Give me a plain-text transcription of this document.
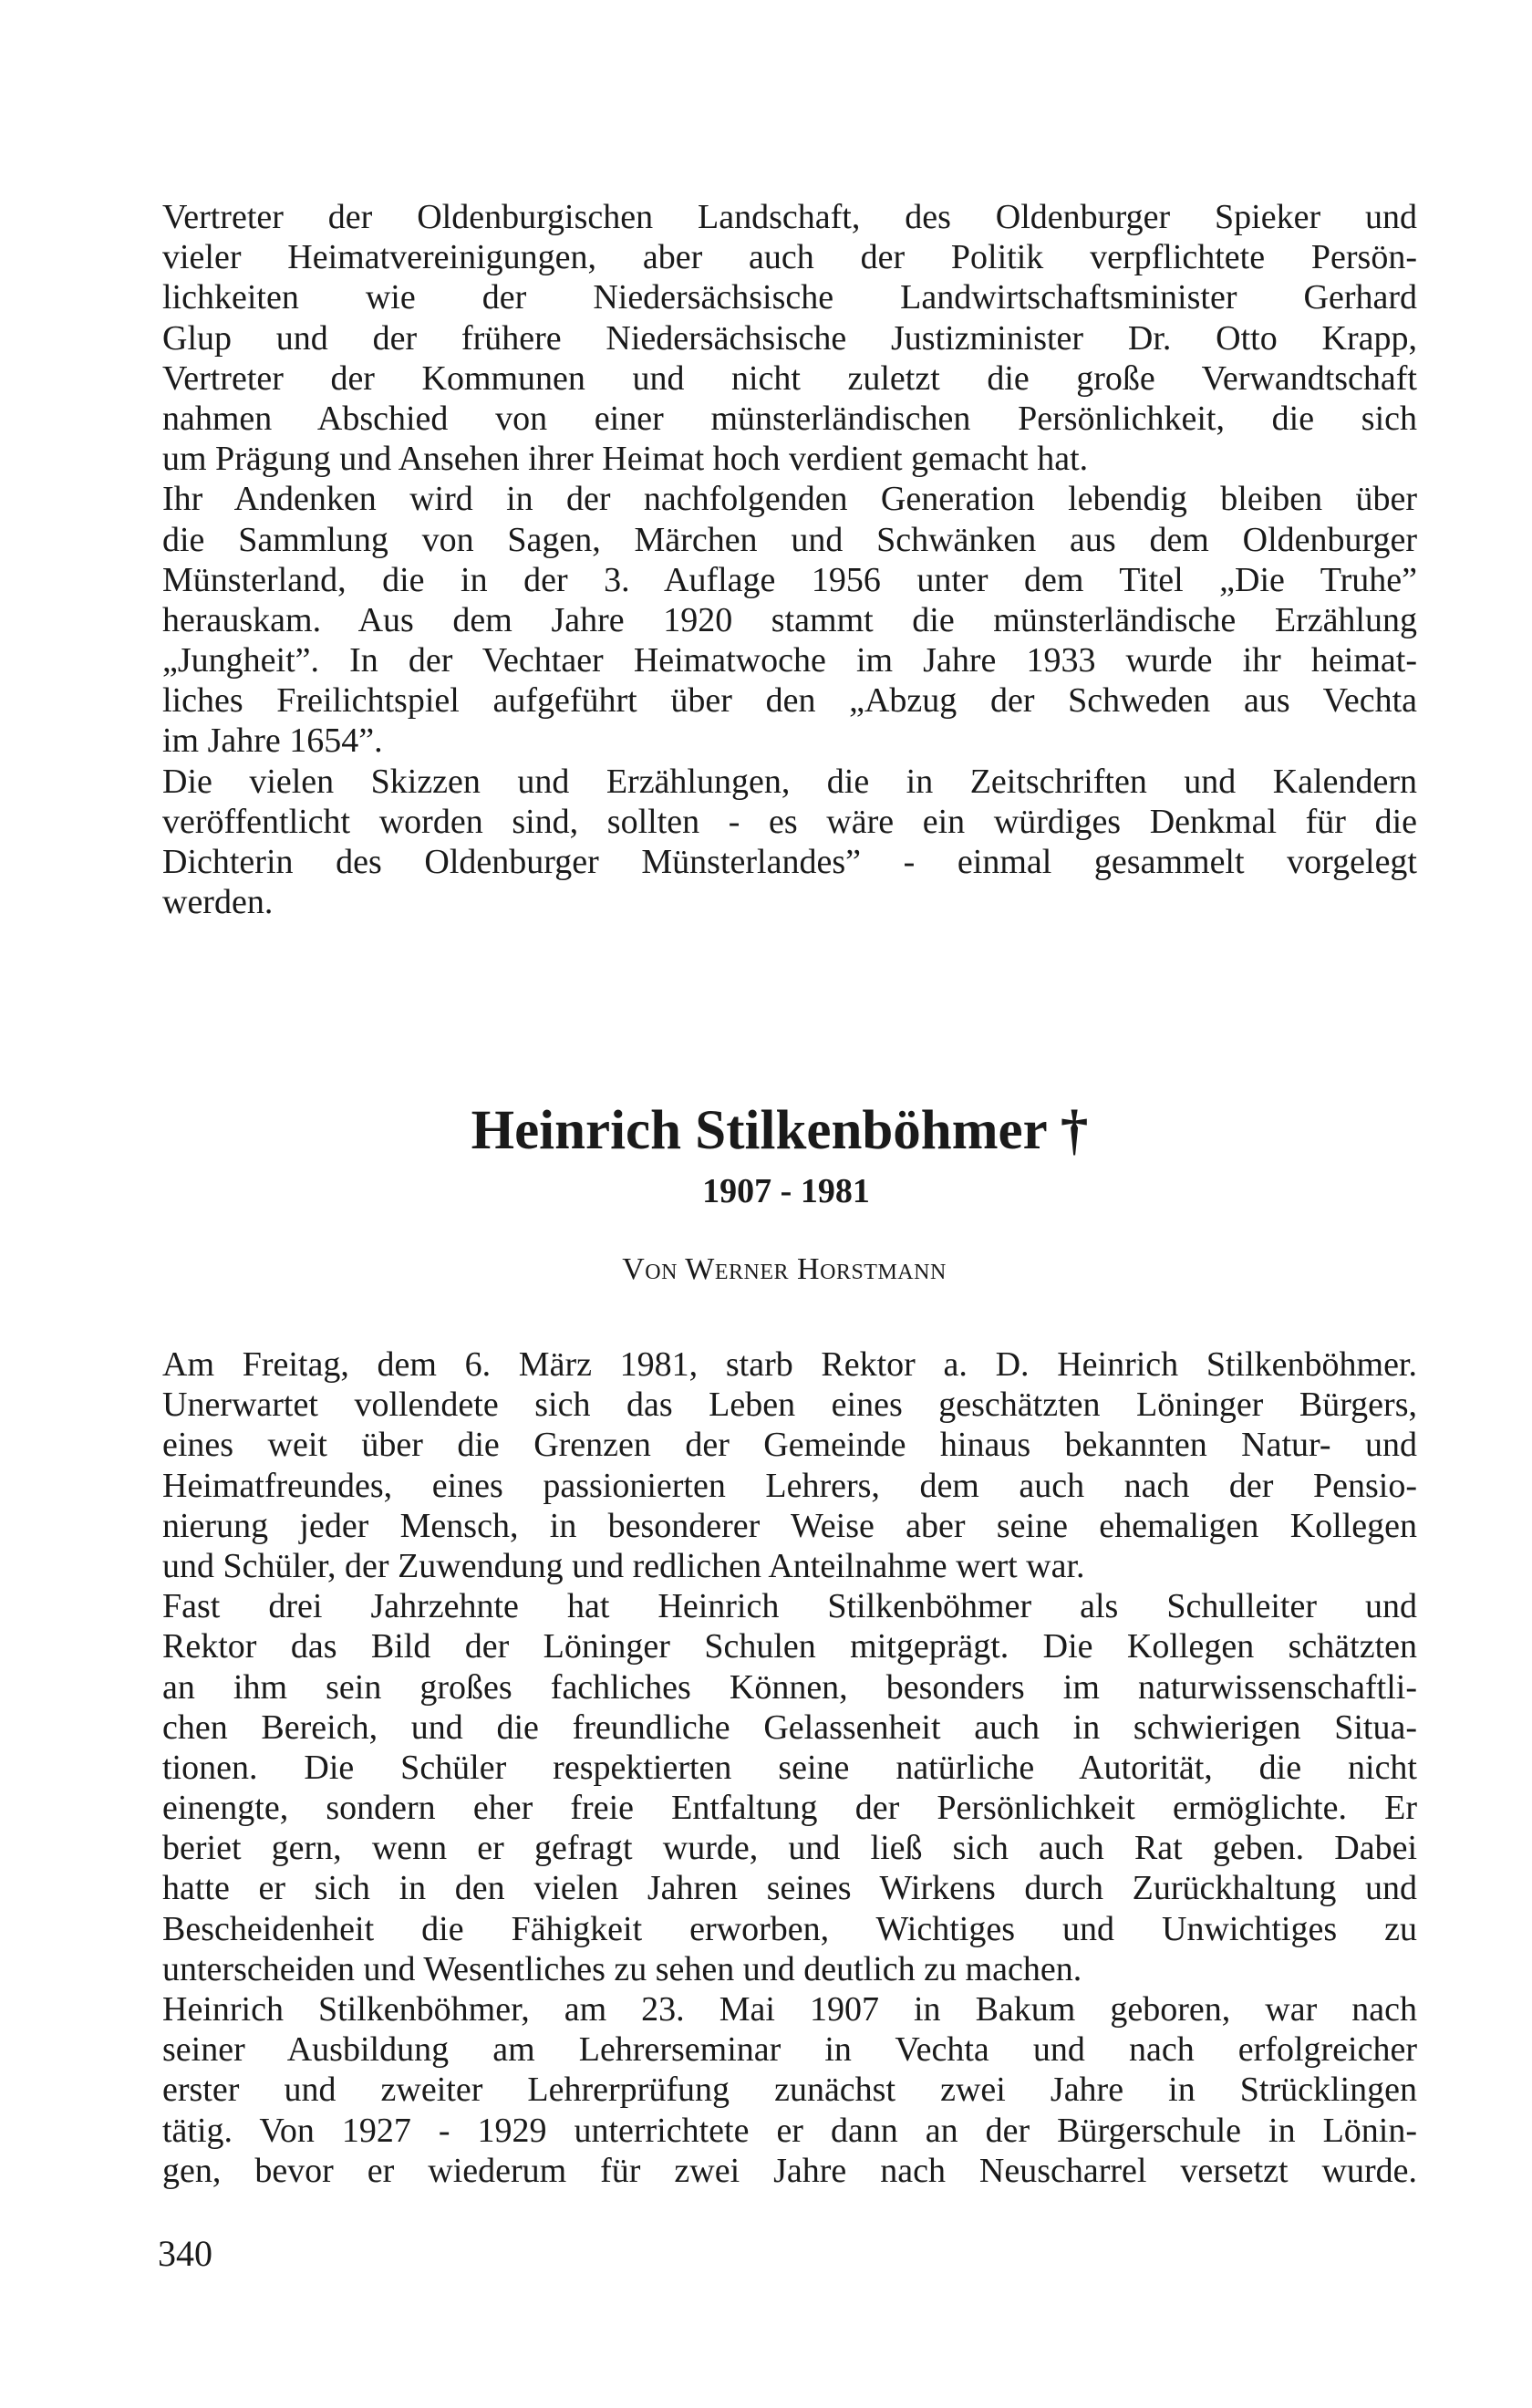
Vertreter der Oldenburgischen Landschaft, des Oldenburger Spieker und
vieler Heimatvereinigungen, aber auch der Politik verpflichtete Persön-
lichkeiten wie der Niedersächsische Landwirtschaftsminister Gerhard
Glup und der frühere Niedersächsische Justizminister Dr. Otto Krapp,
Vertreter der Kommunen und nicht zuletzt die große Verwandtschaft
nahmen Abschied von einer münsterländischen Persönlichkeit, die sich
um Prägung und Ansehen ihrer Heimat hoch verdient gemacht hat.
Ihr Andenken wird in der nachfolgenden Generation lebendig bleiben über
die Sammlung von Sagen, Märchen und Schwänken aus dem Oldenburger
Münsterland, die in der 3. Auflage 1956 unter dem Titel „Die Truhe”
herauskam. Aus dem Jahre 1920 stammt die münsterländische Erzählung
„Jungheit”. In der Vechtaer Heimatwoche im Jahre 1933 wurde ihr heimat-
liches Freilichtspiel aufgeführt über den „Abzug der Schweden aus Vechta
im Jahre 1654”.
Die vielen Skizzen und Erzählungen, die in Zeitschriften und Kalendern
veröffentlicht worden sind, sollten - es wäre ein würdiges Denkmal für die
Dichterin des Oldenburger Münsterlandes” - einmal gesammelt vorgelegt
werden.
Heinrich Stilkenböhmer †
1907 - 1981
Von Werner Horstmann
Am Freitag, dem 6. März 1981, starb Rektor a. D. Heinrich Stilkenböhmer.
Unerwartet vollendete sich das Leben eines geschätzten Löninger Bürgers,
eines weit über die Grenzen der Gemeinde hinaus bekannten Natur- und
Heimatfreundes, eines passionierten Lehrers, dem auch nach der Pensio-
nierung jeder Mensch, in besonderer Weise aber seine ehemaligen Kollegen
und Schüler, der Zuwendung und redlichen Anteilnahme wert war.
Fast drei Jahrzehnte hat Heinrich Stilkenböhmer als Schulleiter und
Rektor das Bild der Löninger Schulen mitgeprägt. Die Kollegen schätzten
an ihm sein großes fachliches Können, besonders im naturwissenschaftli-
chen Bereich, und die freundliche Gelassenheit auch in schwierigen Situa-
tionen. Die Schüler respektierten seine natürliche Autorität, die nicht
einengte, sondern eher freie Entfaltung der Persönlichkeit ermöglichte. Er
beriet gern, wenn er gefragt wurde, und ließ sich auch Rat geben. Dabei
hatte er sich in den vielen Jahren seines Wirkens durch Zurückhaltung und
Bescheidenheit die Fähigkeit erworben, Wichtiges und Unwichtiges zu
unterscheiden und Wesentliches zu sehen und deutlich zu machen.
Heinrich Stilkenböhmer, am 23. Mai 1907 in Bakum geboren, war nach
seiner Ausbildung am Lehrerseminar in Vechta und nach erfolgreicher
erster und zweiter Lehrerprüfung zunächst zwei Jahre in Strücklingen
tätig. Von 1927 - 1929 unterrichtete er dann an der Bürgerschule in Lönin-
gen, bevor er wiederum für zwei Jahre nach Neuscharrel versetzt wurde.
340
